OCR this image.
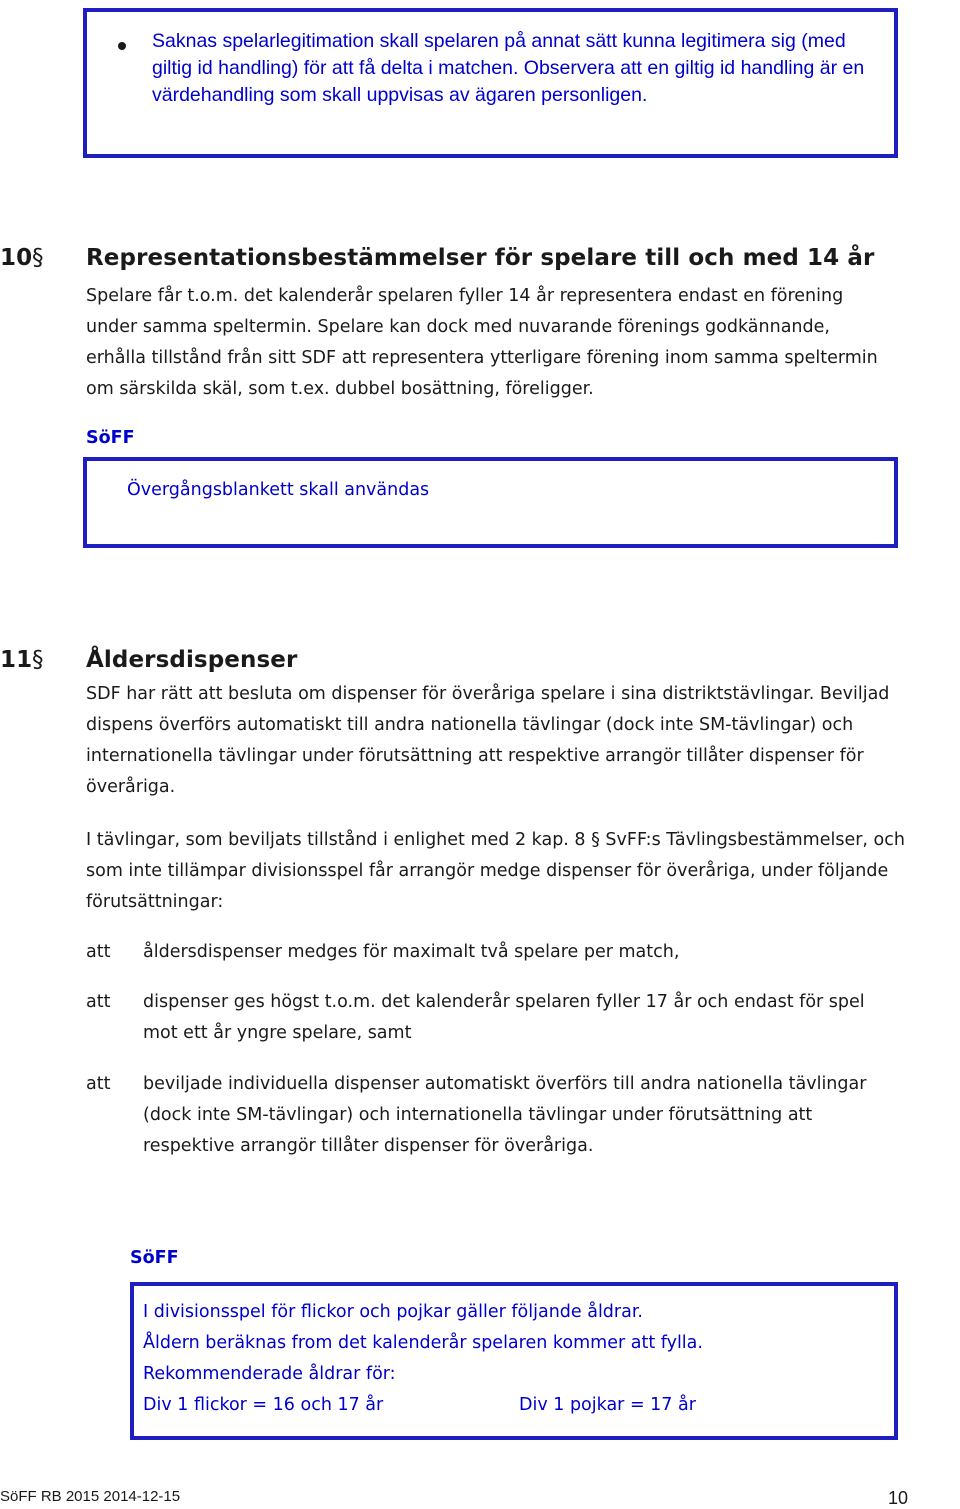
Saknas spelarlegitimation skall spelaren på annat sätt kunna legitimera sig (med giltig id handling) för att få delta i matchen. Observera att en giltig id handling är en värdehandling som skall uppvisas av ägaren personligen.
10 § Representationsbestämmelser för spelare till och med 14 år
Spelare får t.o.m. det kalenderår spelaren fyller 14 år representera endast en förening under samma speltermin. Spelare kan dock med nuvarande förenings godkännande, erhålla tillstånd från sitt SDF att representera ytterligare förening inom samma speltermin om särskilda skäl, som t.ex. dubbel bosättning, föreligger.
SöFF
Övergångsblankett skall användas
11 § Åldersdispenser
SDF har rätt att besluta om dispenser för överåriga spelare i sina distriktstävlingar. Beviljad dispens överförs automatiskt till andra nationella tävlingar (dock inte SM-tävlingar) och internationella tävlingar under förutsättning att respektive arrangör tillåter dispenser för överåriga.
I tävlingar, som beviljats tillstånd i enlighet med 2 kap. 8 § SvFF:s Tävlingsbestämmelser, och som inte tillämpar divisionsspel får arrangör medge dispenser för överåriga, under följande förutsättningar:
att åldersdispenser medges för maximalt två spelare per match,
att dispenser ges högst t.o.m. det kalenderår spelaren fyller 17 år och endast för spel mot ett år yngre spelare, samt
att beviljade individuella dispenser automatiskt överförs till andra nationella tävlingar (dock inte SM-tävlingar) och internationella tävlingar under förutsättning att respektive arrangör tillåter dispenser för överåriga.
SöFF
I divisionsspel för flickor och pojkar gäller följande åldrar.
Åldern beräknas from det kalenderår spelaren kommer att fylla.
Rekommenderade åldrar för:
Div 1 flickor = 16 och 17 år	Div 1 pojkar = 17 år
SöFF RB 2015 2014-12-15	10
